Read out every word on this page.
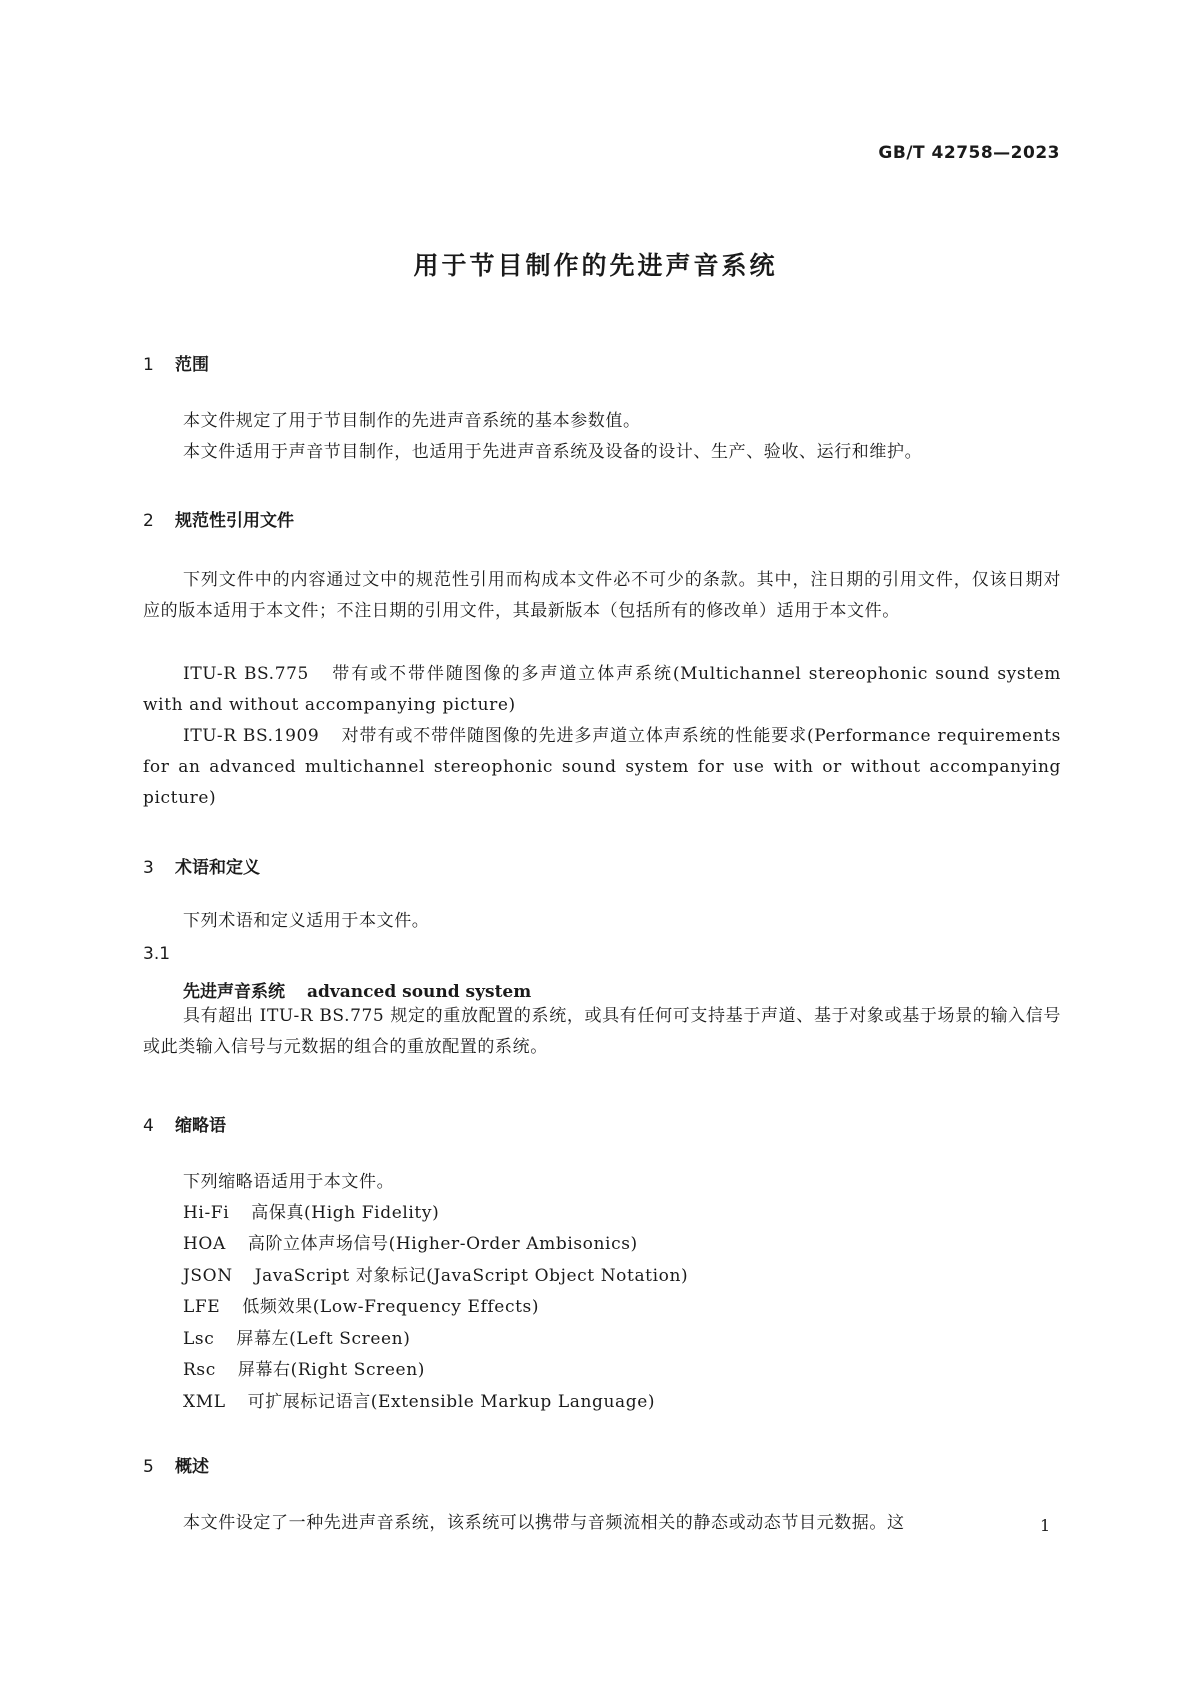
GB/T 42758—2023

用于节目制作的先进声音系统
1 范围

本文件规定了用于节目制作的先进声音系统的基本参数值。

本文件适用于声音节目制作，也适用于先进声音系统及设备的设计、生产、验收、运行和维护。

2 规范性引用文件

下列文件中的内容通过文中的规范性引用而构成本文件必不可少的条款。其中，注日期的引用文件，仅该日期对应的版本适用于本文件；不注日期的引用文件，其最新版本（包括所有的修改单）适用于本文件。

ITU-R BS.775 带有或不带伴随图像的多声道立体声系统(Multichannel stereophonic sound system with and without accompanying picture)

ITU-R BS.1909 对带有或不带伴随图像的先进多声道立体声系统的性能要求(Performance requirements for an advanced multichannel stereophonic sound system for use with or without accompanying picture)

3 术语和定义

下列术语和定义适用于本文件。

3.1
先进声音系统 advanced sound system

具有超出 ITU-R BS.775 规定的重放配置的系统，或具有任何可支持基于声道、基于对象或基于场景的输入信号或此类输入信号与元数据的组合的重放配置的系统。

4 缩略语

下列缩略语适用于本文件。

Hi-Fi 高保真(High Fidelity)

HOA 高阶立体声场信号(Higher-Order Ambisonics)

JSON JavaScript 对象标记(JavaScript Object Notation)

LFE 低频效果(Low-Frequency Effects)

Lsc 屏幕左(Left Screen)

Rsc 屏幕右(Right Screen)

XML 可扩展标记语言(Extensible Markup Language)

5 概述

本文件设定了一种先进声音系统，该系统可以携带与音频流相关的静态或动态节目元数据。这	1
